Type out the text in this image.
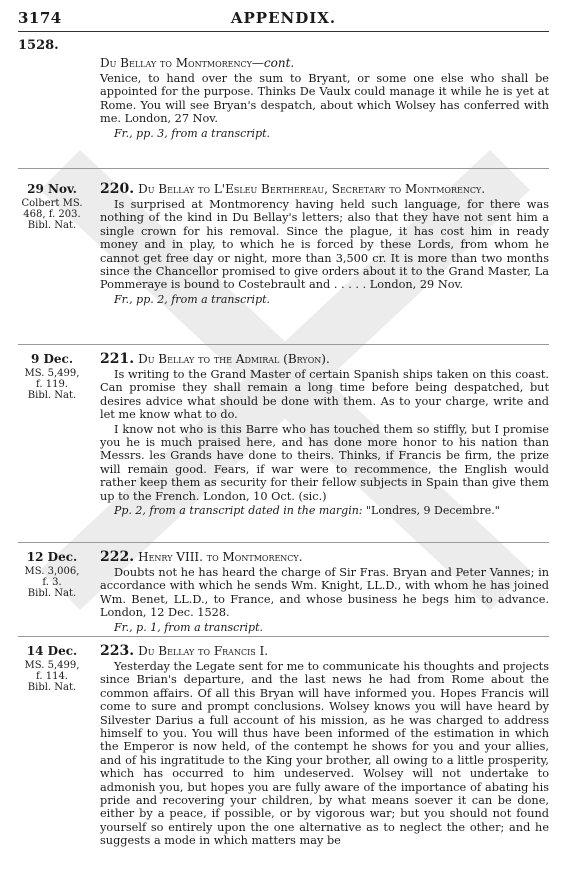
3174	APPENDIX.
1528.
Du Bellay to Montmorency—cont.

Venice, to hand over the sum to Bryant, or some one else who shall be appointed for the purpose. Thinks De Vaulx could manage it while he is yet at Rome. You will see Bryan's despatch, about which Wolsey has conferred with me. London, 27 Nov.

Fr., pp. 3, from a transcript.

29 Nov.
Colbert MS.
468, f. 203.
Bibl. Nat.
220. Du Bellay to L'Esleu Berthereau, Secretary to Montmorency.

Is surprised at Montmorency having held such language, for there was nothing of the kind in Du Bellay's letters; also that they have not sent him a single crown for his removal. Since the plague, it has cost him in ready money and in play, to which he is forced by these Lords, from whom he cannot get free day or night, more than 3,500 cr. It is more than two months since the Chancellor promised to give orders about it to the Grand Master, La Pommeraye is bound to Costebrault and . . . . . London, 29 Nov.

Fr., pp. 2, from a transcript.

9 Dec.
MS. 5,499,
f. 119.
Bibl. Nat.
221. Du Bellay to the Admiral (Bryon).

Is writing to the Grand Master of certain Spanish ships taken on this coast. Can promise they shall remain a long time before being despatched, but desires advice what should be done with them. As to your charge, write and let me know what to do.

I know not who is this Barre who has touched them so stiffly, but I promise you he is much praised here, and has done more honor to his nation than Messrs. les Grands have done to theirs. Thinks, if Francis be firm, the prize will remain good. Fears, if war were to recommence, the English would rather keep them as security for their fellow subjects in Spain than give them up to the French. London, 10 Oct. (sic.)

Pp. 2, from a transcript dated in the margin: "Londres, 9 Decembre."

12 Dec.
MS. 3,006,
f. 3.
Bibl. Nat.
222. Henry VIII. to Montmorency.

Doubts not he has heard the charge of Sir Fras. Bryan and Peter Vannes; in accordance with which he sends Wm. Knight, LL.D., with whom he has joined Wm. Benet, LL.D., to France, and whose business he begs him to advance. London, 12 Dec. 1528.

Fr., p. 1, from a transcript.

14 Dec.
MS. 5,499,
f. 114.
Bibl. Nat.
223. Du Bellay to Francis I.

Yesterday the Legate sent for me to communicate his thoughts and projects since Brian's departure, and the last news he had from Rome about the common affairs. Of all this Bryan will have informed you. Hopes Francis will come to sure and prompt conclusions. Wolsey knows you will have heard by Silvester Darius a full account of his mission, as he was charged to address himself to you. You will thus have been informed of the estimation in which the Emperor is now held, of the contempt he shows for you and your allies, and of his ingratitude to the King your brother, all owing to a little prosperity, which has occurred to him undeserved. Wolsey will not undertake to admonish you, but hopes you are fully aware of the importance of abating his pride and recovering your children, by what means soever it can be done, either by a peace, if possible, or by vigorous war; but you should not found yourself so entirely upon the one alternative as to neglect the other; and he suggests a mode in which matters may be
